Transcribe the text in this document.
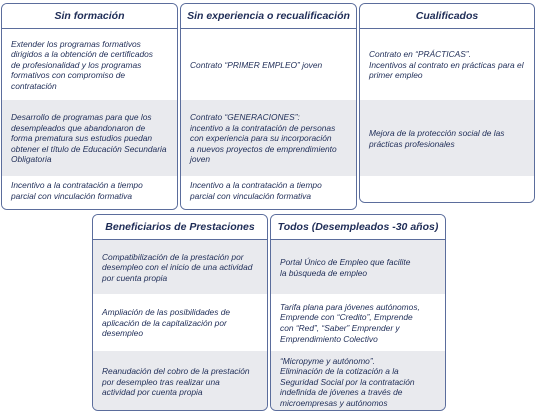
Sin formación
Extender los programas formativos
dirigidos a la obtención de certificados
de profesionalidad y los programas
formativos con compromiso de
contratación
Desarrollo de programas para que los
desempleados que abandonaron de
forma prematura sus estudios puedan
obtener el título de Educación Secundaria
Obligatoria
Incentivo a la contratación a tiempo
parcial con vinculación formativa
Sin experiencia o recualificación
Contrato “PRIMER EMPLEO” joven
Contrato “GENERACIONES”:
incentivo a la contratación de personas
con experiencia para su incorporación
a nuevos proyectos de emprendimiento
joven
Incentivo a la contratación a tiempo
parcial con vinculación formativa
Cualificados
Contrato en “PRÁCTICAS”.
Incentivos al contrato en prácticas para el
primer empleo
Mejora de la protección social de las
prácticas profesionales
Beneficiarios de Prestaciones
Compatibilización de la prestación por
desempleo con el inicio de una actividad
por cuenta propia
Ampliación de las posibilidades de
aplicación de la capitalización por
desempleo
Reanudación del cobro de la prestación
por desempleo tras realizar una
actividad por cuenta propia
Todos (Desempleados -30 años)
Portal Único de Empleo que facilite
la búsqueda de empleo
Tarifa plana para jóvenes autónomos,
Emprende con “Credito”, Emprende
con “Red”, “Saber” Emprender y
Emprendimiento Colectivo
“Micropyme y autónomo”.
Eliminación de la cotización a la
Seguridad Social por la contratación
indefinida de jóvenes a través de
microempresas y autónomos
